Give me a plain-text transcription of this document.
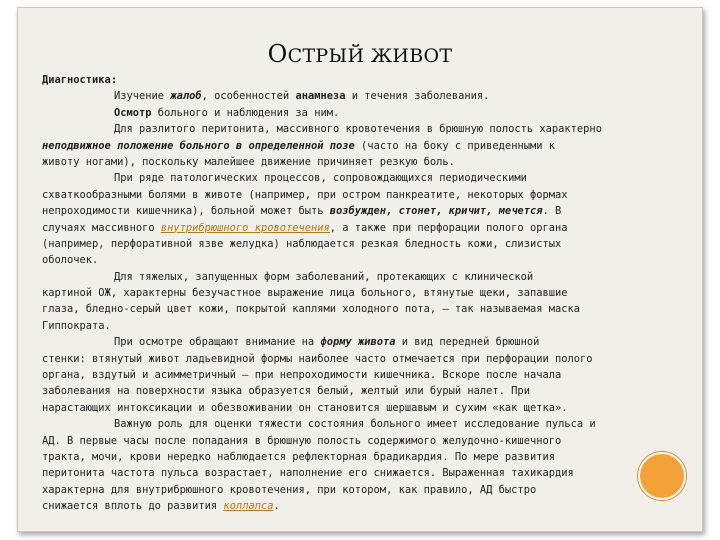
ОСТРЫЙ ЖИВОТ
Диагностика:
Изучение жалоб, особенностей анамнеза и течения заболевания.
Осмотр больного и наблюдения за ним.
Для разлитого перитонита, массивного кровотечения в брюшную полость характерно
неподвижное положение больного в определенной позе (часто на боку с приведенными к
животу ногами), поскольку малейшее движение причиняет резкую боль.
При ряде патологических процессов, сопровождающихся периодическими
схваткообразными болями в животе (например, при остром панкреатите, некоторых формах
непроходимости кишечника), больной может быть возбужден, стонет, кричит, мечется. В
случаях массивного внутрибрюшного кровотечения, а также при перфорации полого органа
(например, перфоративной язве желудка) наблюдается резкая бледность кожи, слизистых
оболочек.
Для тяжелых, запущенных форм заболеваний, протекающих с клинической
картиной ОЖ, характерны безучастное выражение лица больного, втянутые щеки, запавшие
глаза, бледно-серый цвет кожи, покрытой каплями холодного пота, — так называемая маска
Гиппократа.
При осмотре обращают внимание на форму живота и вид передней брюшной
стенки: втянутый живот ладьевидной формы наиболее часто отмечается при перфорации полого
органа, вздутый и асимметричный — при непроходимости кишечника. Вскоре после начала
заболевания на поверхности языка образуется белый, желтый или бурый налет. При
нарастающих интоксикации и обезвоживании он становится шершавым и сухим «как щетка».
Важную роль для оценки тяжести состояния больного имеет исследование пульса и
АД. В первые часы после попадания в брюшную полость содержимого желудочно-кишечного
тракта, мочи, крови нередко наблюдается рефлекторная брадикардия. По мере развития
перитонита частота пульса возрастает, наполнение его снижается. Выраженная тахикардия
характерна для внутрибрюшного кровотечения, при котором, как правило, АД быстро
снижается вплоть до развития коллапса.
